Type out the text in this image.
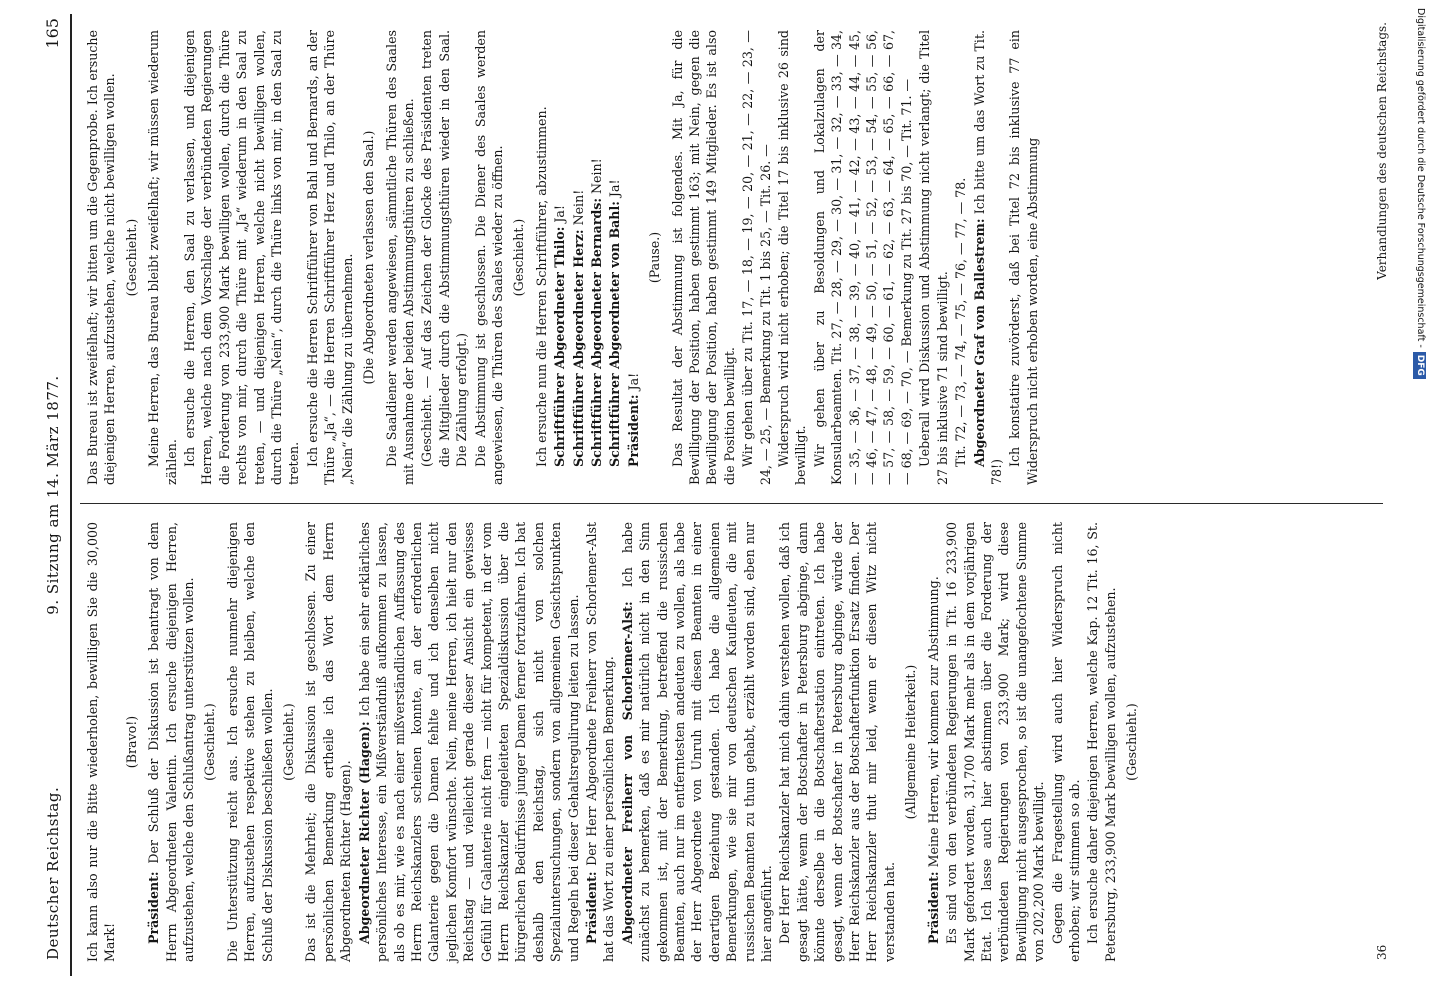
Deutscher Reichstag.
9. Sitzung am 14. März 1877.
165

Ich kann also nur die Bitte wiederholen, bewilligen Sie die 30,000 Mark!

(Bravo!)

Präsident: Der Schluß der Diskussion ist beantragt von dem Herrn Abgeordneten Valentin. Ich ersuche diejenigen Herren, aufzustehen, welche den Schlußantrag unterstützen wollen. (Geschieht.) Die Unterstützung reicht aus. Ich ersuche nunmehr diejenigen Herren, aufzustehen respektive stehen zu bleiben, welche den Schluß der Diskussion beschließen wollen. (Geschieht.) Das ist die Mehrheit; die Diskussion ist geschlossen. Zu einer persönlichen Bemerkung ertheile ich das Wort dem Herrn Abgeordneten Richter (Hagen). Abgeordneter Richter (Hagen): Ich habe ein sehr erklärliches persönliches Interesse, ein Mißverständniß aufkommen zu lassen, als ob es mir, wie es nach einer mißverständlichen Auffassung des Herrn Reichskanzlers scheinen konnte, an der erforderlichen Galanterie gegen die Damen fehlte und ich denselben nicht jeglichen Komfort wünschte. Nein, meine Herren, ich hielt nur den Reichstag — und vielleicht gerade dieser Ansicht ein gewisses Gefühl für Galanterie nicht fern — nicht für kompetent, in der vom Herrn Reichskanzler eingeleiteten Spezialdiskussion über die bürgerlichen Bedürfnisse junger Damen ferner fortzufahren. Ich bat deshalb den Reichstag, sich nicht von solchen Spezialuntersuchungen, sondern von allgemeinen Gesichtspunkten und Regeln bei dieser Gehaltsregulirung leiten zu lassen. Präsident: Der Herr Abgeordnete Freiherr von Schorlemer-Alst hat das Wort zu einer persönlichen Bemerkung. Abgeordneter Freiherr von Schorlemer-Alst: Ich habe zunächst zu bemerken, daß es mir natürlich nicht in den Sinn gekommen ist, mit der Bemerkung, betreffend die russischen Beamten, auch nur im entferntesten andeuten zu wollen, als habe der Herr Abgeordnete von Unruh mit diesen Beamten in einer derartigen Beziehung gestanden. Ich habe die allgemeinen Bemerkungen, wie sie mir von deutschen Kaufleuten, die mit russischen Beamten zu thun gehabt, erzählt worden sind, eben nur hier angeführt. Der Herr Reichskanzler hat mich dahin verstehen wollen, daß ich gesagt hätte, wenn der Botschafter in Petersburg abginge, dann könnte derselbe in die Botschafterstation eintreten. Ich habe gesagt, wenn der Botschafter in Petersburg abginge, würde der Herr Reichskanzler aus der Botschafterfunktion Ersatz finden. Der Herr Reichskanzler thut mir leid, wenn er diesen Witz nicht verstanden hat.

(Allgemeine Heiterkeit.)

Präsident: Meine Herren, wir kommen zur Abstimmung. Es sind von den verbündeten Regierungen in Tit. 16 233,900 Mark gefordert worden, 31,700 Mark mehr als in dem vorjährigen Etat. Ich lasse auch hier abstimmen über die Forderung der verbündeten Regierungen von 233,900 Mark; wird diese Bewilligung nicht ausgesprochen, so ist die unangefochtene Summe von 202,200 Mark bewilligt. Gegen die Fragestellung wird auch hier Widerspruch nicht erhoben; wir stimmen so ab. Ich ersuche daher diejenigen Herren, welche Kap. 12 Tit. 16, St. Petersburg, 233,900 Mark bewilligen wollen, aufzustehen. (Geschieht.)

Das Bureau ist zweifelhaft; wir bitten um die Gegenprobe. Ich ersuche diejenigen Herren, aufzustehen, welche nicht bewilligen wollen. (Geschieht.) Meine Herren, das Bureau bleibt zweifelhaft; wir müssen wiederum zählen. Ich ersuche die Herren, den Saal zu verlassen, und diejenigen Herren, welche nach dem Vorschlage der verbündeten Regierungen die Forderung von 233,900 Mark bewilligen wollen, durch die Thüre rechts von mir, durch die Thüre mit „Ja“ wiederum in den Saal zu treten, — und diejenigen Herren, welche nicht bewilligen wollen, durch die Thüre „Nein“, durch die Thüre links von mir, in den Saal zu treten. Ich ersuche die Herren Schriftführer von Bahl und Bernards, an der Thüre „Ja“, — die Herren Schriftführer Herz und Thilo, an der Thüre „Nein“ die Zählung zu übernehmen. (Die Abgeordneten verlassen den Saal.) Die Saaldiener werden angewiesen, sämmtliche Thüren des Saales mit Ausnahme der beiden Abstimmungsthüren zu schließen. (Geschieht. — Auf das Zeichen der Glocke des Präsidenten treten die Mitglieder durch die Abstimmungsthüren wieder in den Saal. Die Zählung erfolgt.) Die Abstimmung ist geschlossen. Die Diener des Saales werden angewiesen, die Thüren des Saales wieder zu öffnen. (Geschieht.) Ich ersuche nun die Herren Schriftführer, abzustimmen. Schriftführer Abgeordneter Thilo: Ja!

Schriftführer Abgeordneter Herz: Nein! Schriftführer Abgeordneter Bernards: Nein!

Schriftführer Abgeordneter von Bahl: Ja!

Präsident: Ja!

(Pause.) Das Resultat der Abstimmung ist folgendes. Mit Ja, für die Bewilligung der Position, haben gestimmt 163; mit Nein, gegen die Bewilligung der Position, haben gestimmt 149 Mitglieder. Es ist also die Position bewilligt. Wir gehen über zu Tit. 17, — 18, — 19, — 20, — 21, — 22, — 23, — 24, — 25, — Bemerkung zu Tit. 1 bis 25, — Tit. 26. — Widerspruch wird nicht erhoben; die Titel 17 bis inklusive 26 sind bewilligt. Wir gehen über zu Besoldungen und Lokalzulagen der Konsularbeamten. Tit. 27, — 28, — 29, — 30, — 31, — 32, — 33, — 34, — 35, — 36, — 37, — 38, — 39, — 40, — 41, — 42, — 43, — 44, — 45, — 46, — 47, — 48, — 49, — 50, — 51, — 52, — 53, — 54, — 55, — 56, — 57, — 58, — 59, — 60, — 61, — 62, — 63, — 64, — 65, — 66, — 67, — 68, — 69, — 70, — Bemerkung zu Tit. 27 bis 70, — Tit. 71. — Ueberall wird Diskussion und Abstimmung nicht verlangt; die Titel 27 bis inklusive 71 sind bewilligt. Tit. 72, — 73, — 74, — 75, — 76, — 77, — 78. Abgeordneter Graf von Ballestrem: Ich bitte um das Wort zu Tit. 78!)

Ich konstatire zuvörderst, daß bei Titel 72 bis inklusive 77 ein Widerspruch nicht erhoben worden, eine Abstimmung

36
Verhandlungen des deutschen Reichstags.	Digitalisierung gefördert durch die Deutsche Forschungsgemeinschaft -DFG
